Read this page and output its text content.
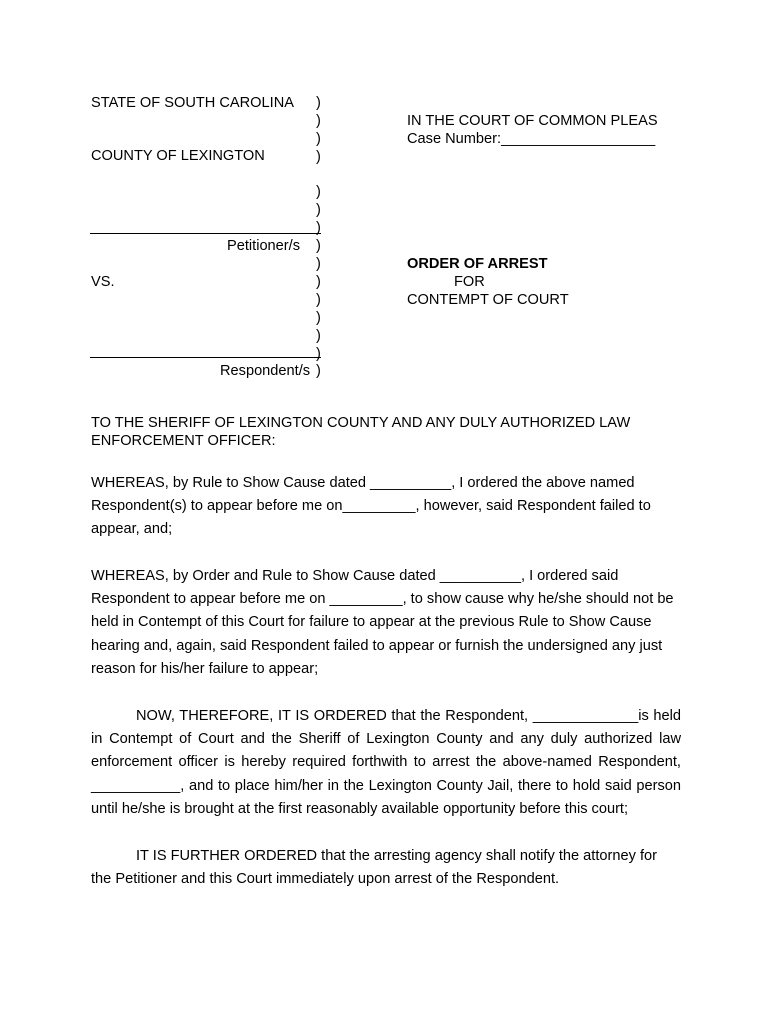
STATE OF SOUTH CAROLINA
COUNTY OF LEXINGTON
Petitioner/s
VS.
Respondent/s
)
)
)
)
)
)
)
)
)
)
)
)
)
)
)
IN THE COURT OF COMMON PLEAS
Case Number:___________________
ORDER OF ARREST
FOR
CONTEMPT OF COURT
TO THE SHERIFF OF LEXINGTON COUNTY AND ANY DULY AUTHORIZED LAW ENFORCEMENT OFFICER:
WHEREAS, by Rule to Show Cause dated __________, I ordered the above named Respondent(s) to appear before me on_________, however, said Respondent failed to appear, and;
WHEREAS, by Order and Rule to Show Cause dated __________, I ordered said Respondent to appear before me on _________, to show cause why he/she should not be held in Contempt of this Court for failure to appear at the previous Rule to Show Cause hearing and, again, said Respondent failed to appear or furnish the undersigned any just reason for his/her failure to appear;
NOW, THEREFORE, IT IS ORDERED that the Respondent, _____________is held in Contempt of Court and the Sheriff of Lexington County and any duly authorized law enforcement officer is hereby required forthwith to arrest the above-named Respondent, ___________, and to place him/her in the Lexington County Jail, there to hold said person until he/she is brought at the first reasonably available opportunity before this court;
IT IS FURTHER ORDERED that the arresting agency shall notify the attorney for the Petitioner and this Court immediately upon arrest of the Respondent.
